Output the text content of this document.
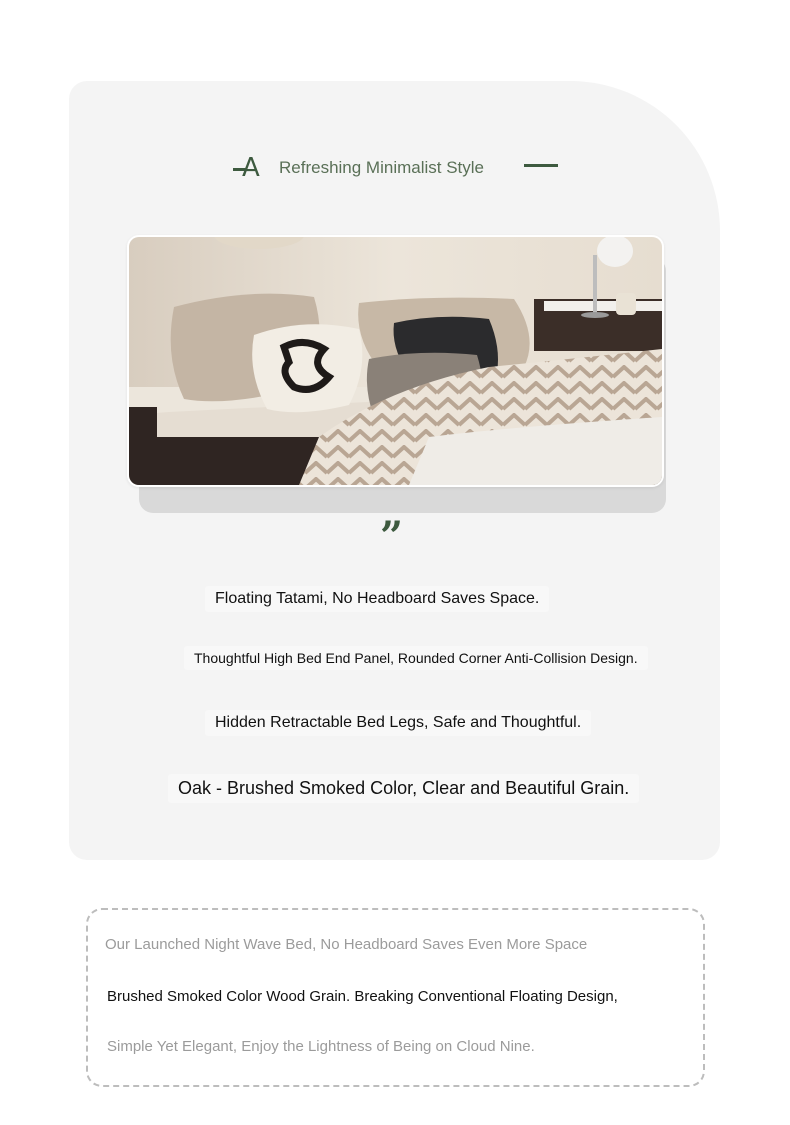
A Refreshing Minimalist Style
”
Floating Tatami, No Headboard Saves Space.
Thoughtful High Bed End Panel, Rounded Corner Anti-Collision Design.
Hidden Retractable Bed Legs, Safe and Thoughtful.
Oak - Brushed Smoked Color, Clear and Beautiful Grain.
Our Launched Night Wave Bed, No Headboard Saves Even More Space
Brushed Smoked Color Wood Grain. Breaking Conventional Floating Design,
Simple Yet Elegant, Enjoy the Lightness of Being on Cloud Nine.
